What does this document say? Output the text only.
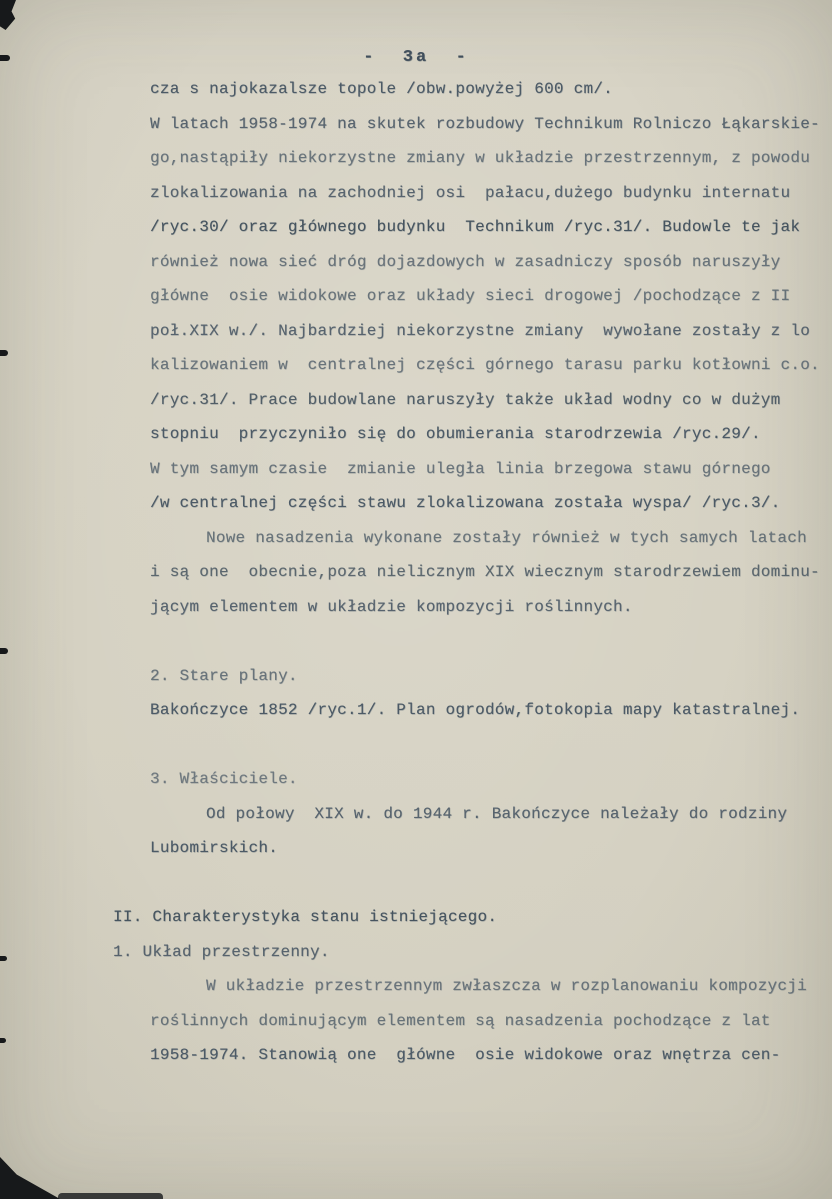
-  3a  -
cza s najokazalsze topole /obw.powyżej 600 cm/.
W latach 1958-1974 na skutek rozbudowy Technikum Rolniczo Łąkarskie-
go,nastąpiły niekorzystne zmiany w układzie przestrzennym, z powodu
zlokalizowania na zachodniej osi  pałacu,dużego budynku internatu
/ryc.30/ oraz głównego budynku  Technikum /ryc.31/. Budowle te jak
również nowa sieć dróg dojazdowych w zasadniczy sposób naruszyły
główne  osie widokowe oraz układy sieci drogowej /pochodzące z II
poł.XIX w./. Najbardziej niekorzystne zmiany  wywołane zostały z lo
kalizowaniem w  centralnej części górnego tarasu parku kotłowni c.o.
/ryc.31/. Prace budowlane naruszyły także układ wodny co w dużym
stopniu  przyczyniło się do obumierania starodrzewia /ryc.29/.
W tym samym czasie  zmianie uległa linia brzegowa stawu górnego
/w centralnej części stawu zlokalizowana została wyspa/ /ryc.3/.
Nowe nasadzenia wykonane zostały również w tych samych latach
i są one  obecnie,poza nielicznym XIX wiecznym starodrzewiem dominu-
jącym elementem w układzie kompozycji roślinnych.
2. Stare plany.
Bakończyce 1852 /ryc.1/. Plan ogrodów,fotokopia mapy katastralnej.
3. Właściciele.
Od połowy  XIX w. do 1944 r. Bakończyce należały do rodziny
Lubomirskich.
II. Charakterystyka stanu istniejącego.
1. Układ przestrzenny.
W układzie przestrzennym zwłaszcza w rozplanowaniu kompozycji
roślinnych dominującym elementem są nasadzenia pochodzące z lat
1958-1974. Stanowią one  główne  osie widokowe oraz wnętrza cen-
